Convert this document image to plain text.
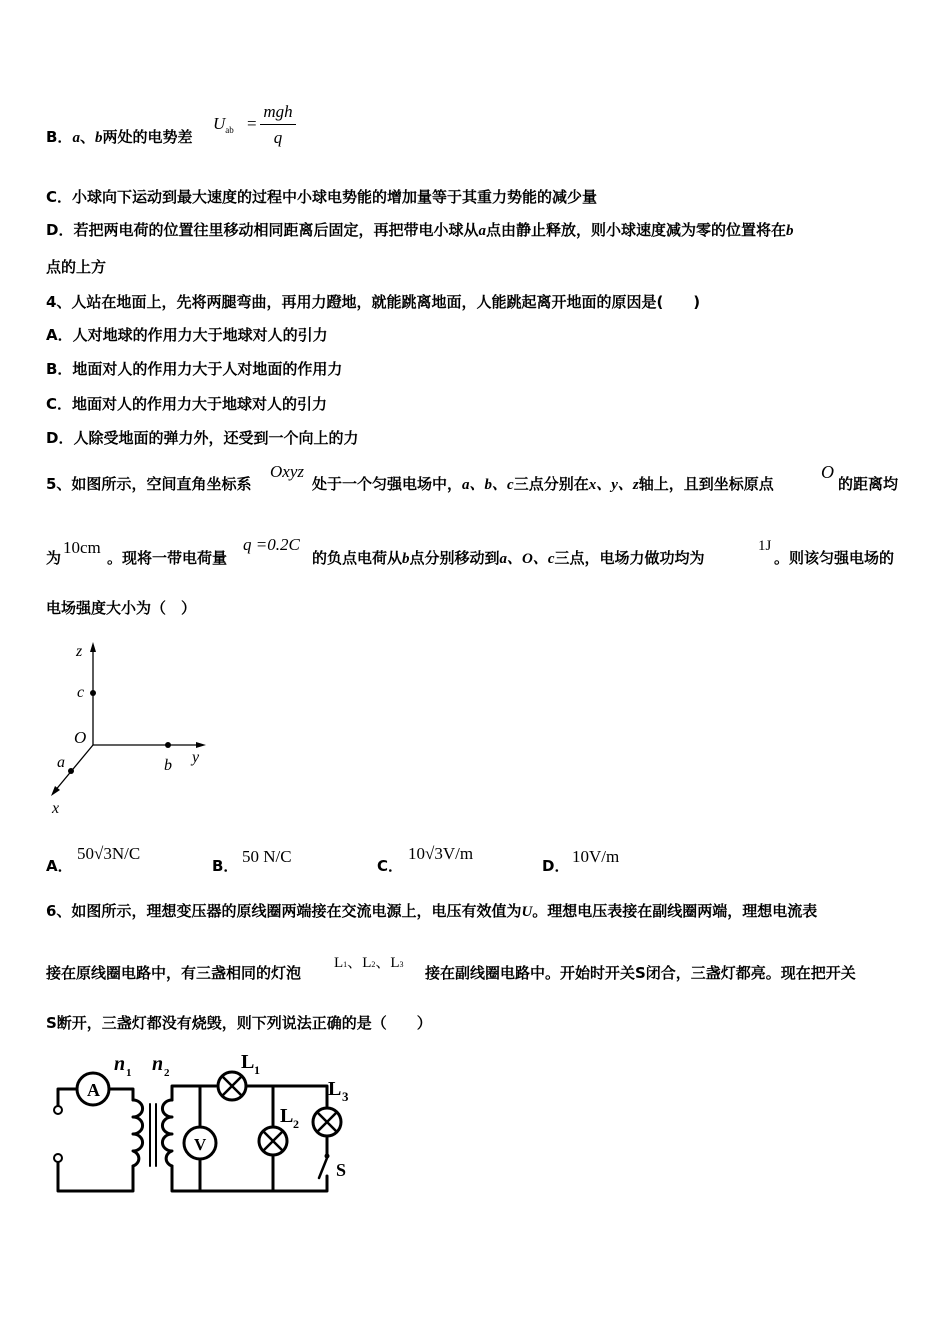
B．a、b两处的电势差
$U_{ab}$ =
mgh
q
C．小球向下运动到最大速度的过程中小球电势能的增加量等于其重力势能的减少量
D．若把两电荷的位置往里移动相同距离后固定，再把带电小球从a点由静止释放，则小球速度减为零的位置将在b
点的上方
4、人站在地面上，先将两腿弯曲，再用力蹬地，就能跳离地面，人能跳起离开地面的原因是(　　)
A．人对地球的作用力大于地球对人的引力
B．地面对人的作用力大于人对地面的作用力
C．地面对人的作用力大于地球对人的引力
D．人除受地面的弹力外，还受到一个向上的力
5、如图所示，空间直角坐标系
Oxyz
处于一个匀强电场中，a、b、c三点分别在x、y、z轴上，且到坐标原点
O
的距离均
为
10cm
。现将一带电荷量
q =0.2C
的负点电荷从b点分别移动到a、O、c三点，电场力做功均为
1J
。则该匀强电场的
电场强度大小为（　）
z
c
O
y
b
a
x
A．
50√3N/C
B． 50 N/C	C．
10√3V/m
D． 10V/m
6、如图所示，理想变压器的原线圈两端接在交流电源上，电压有效值为U。理想电压表接在副线圈两端，理想电流表
接在原线圈电路中，有三盏相同的灯泡
L1、L2、L3 接在副线圈电路中。开始时开关S闭合，三盏灯都亮。现在把开关
S断开，三盏灯都没有烧毁，则下列说法正确的是（　　）
A
V
n 1 n 2	L 1
L 2
L 3
S
